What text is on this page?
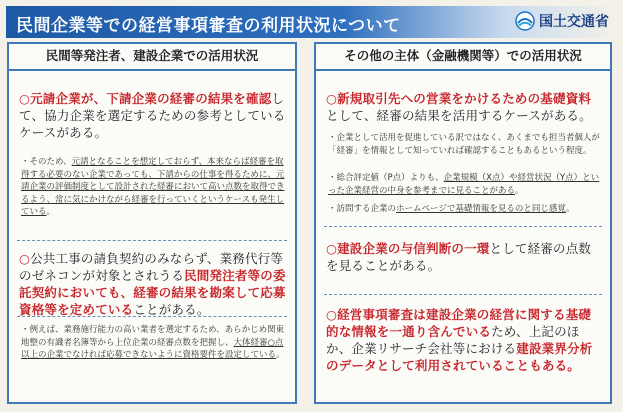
民間企業等での経営事項審査の利用状況について	国土交通省
民間等発注者、建設企業での活用状況
○元請企業が、下請企業の経審の結果を確認して、協力企業を選定するための参考としているケースがある。
・そのため、元請となることを想定しておらず、本来ならば経審を取得する必要のない企業であっても、下請からの仕事を得るために、元請企業の評価制度として設計された経審において高い点数を取得できるよう、常に気にかけながら経審を行っていくというケースも発生している。
○公共工事の請負契約のみならず、業務代行等のゼネコンが対象とされうる民間発注者等の委託契約においても、経審の結果を勘案して応募資格等を定めていることがある。
・例えば、業務施行能力の高い業者を選定するため、あらかじめ関東地整の有識者名簿等から上位企業の経審点数を把握し、大体経審○点以上の企業でなければ応募できないように資格要件を設定している。
その他の主体（金融機関等）での活用状況
○新規取引先への営業をかけるための基礎資料として、経審の結果を活用するケースがある。
・企業として活用を促進している訳ではなく、あくまでも担当者個人が「経審」を情報として知っていれば確認することもあるという程度。
・総合評定値（P点）よりも、企業規模（X点）や経営状況（Y点）といった企業経営の中身を参考までに見ることがある。
・訪問する企業のホームページで基礎情報を見るのと同じ感覚。
○建設企業の与信判断の一環として経審の点数を見ることがある。
○経営事項審査は建設企業の経営に関する基礎的な情報を一通り含んでいるため、上記のほか、企業リサーチ会社等における建設業界分析のデータとして利用されていることもある。
